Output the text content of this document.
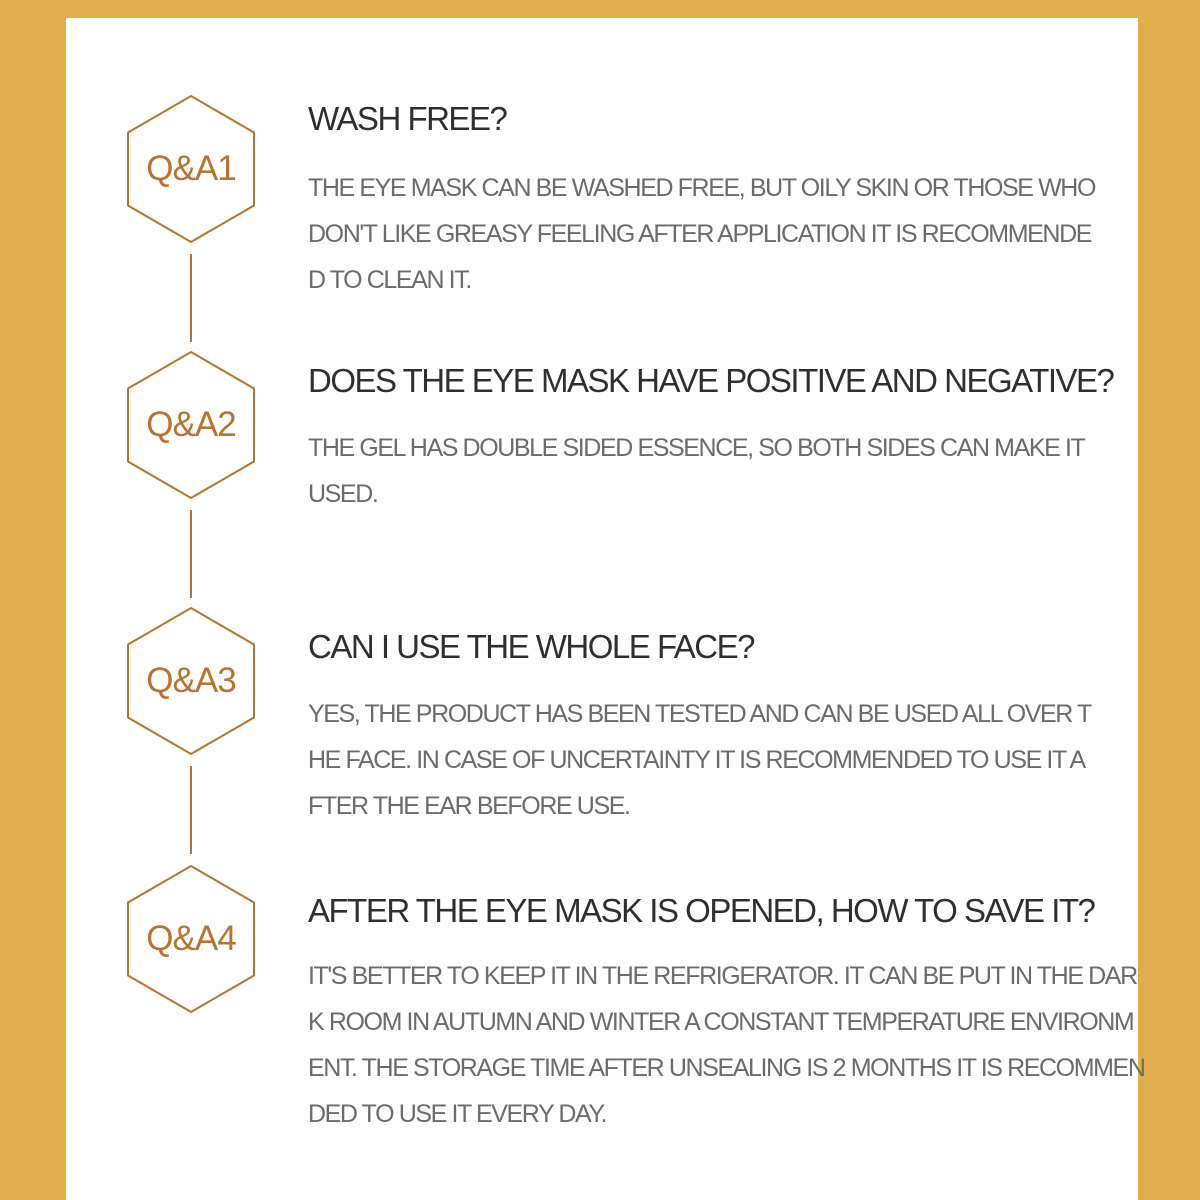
Q&A1
WASH FREE?
THE EYE MASK CAN BE WASHED FREE, BUT OILY SKIN OR THOSE WHO
DON'T LIKE GREASY FEELING AFTER APPLICATION IT IS RECOMMENDE
D TO CLEAN IT.
Q&A2
DOES THE EYE MASK HAVE POSITIVE AND NEGATIVE?
THE GEL HAS DOUBLE SIDED ESSENCE, SO BOTH SIDES CAN MAKE IT
USED.
Q&A3
CAN I USE THE WHOLE FACE?
YES, THE PRODUCT HAS BEEN TESTED AND CAN BE USED ALL OVER T
HE FACE. IN CASE OF UNCERTAINTY IT IS RECOMMENDED TO USE IT A
FTER THE EAR BEFORE USE.
Q&A4
AFTER THE EYE MASK IS OPENED, HOW TO SAVE IT?
IT'S BETTER TO KEEP IT IN THE REFRIGERATOR. IT CAN BE PUT IN THE DAR
K ROOM IN AUTUMN AND WINTER A CONSTANT TEMPERATURE ENVIRONM
ENT. THE STORAGE TIME AFTER UNSEALING IS 2 MONTHS IT IS RECOMMEN
DED TO USE IT EVERY DAY.
